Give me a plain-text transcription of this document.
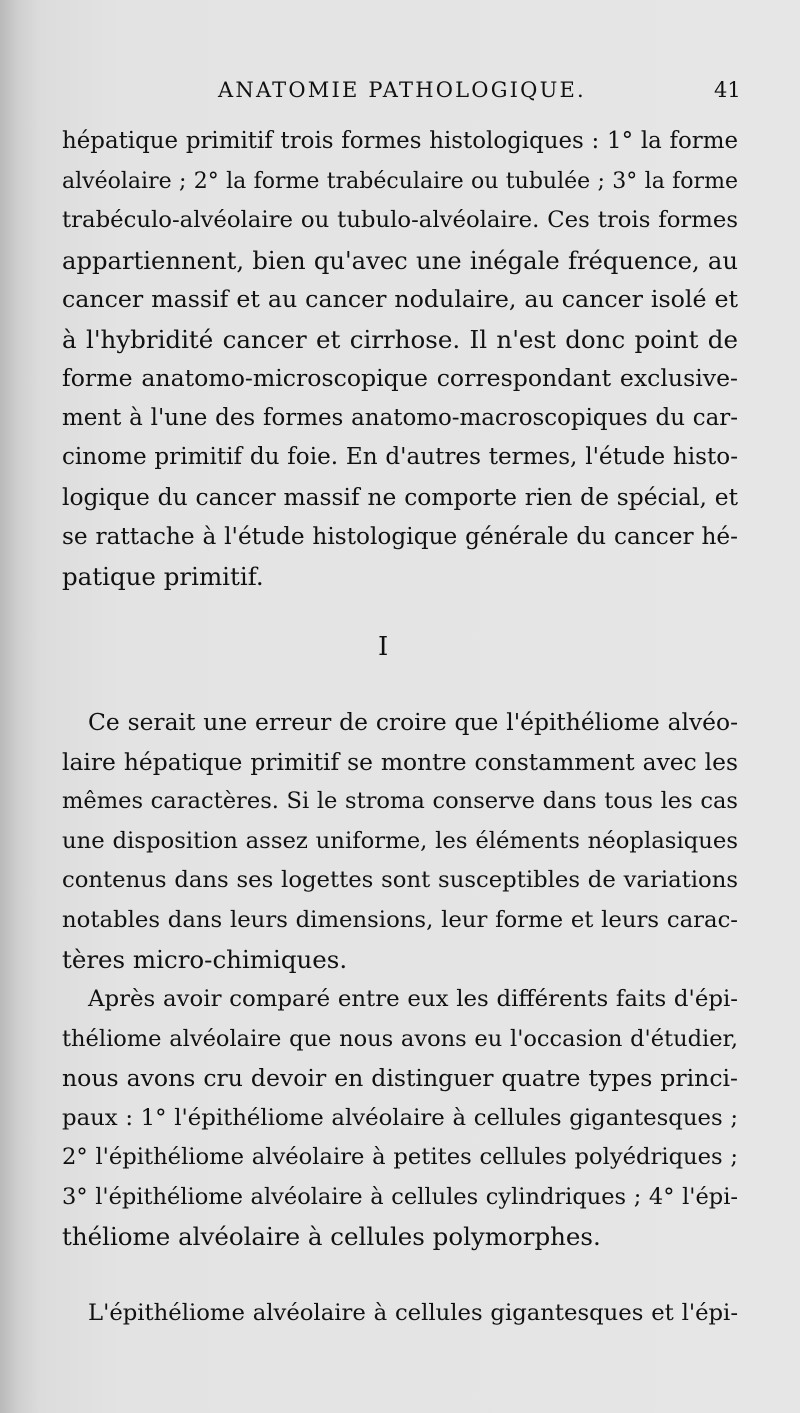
ANATOMIE PATHOLOGIQUE.	41
hépatique primitif trois formes histologiques : 1° la forme
alvéolaire ; 2° la forme trabéculaire ou tubulée ; 3° la forme
trabéculo-alvéolaire ou tubulo-alvéolaire. Ces trois formes
appartiennent, bien qu'avec une inégale fréquence, au
cancer massif et au cancer nodulaire, au cancer isolé et
à l'hybridité cancer et cirrhose. Il n'est donc point de
forme anatomo-microscopique correspondant exclusive-
ment à l'une des formes anatomo-macroscopiques du car-
cinome primitif du foie. En d'autres termes, l'étude histo-
logique du cancer massif ne comporte rien de spécial, et
se rattache à l'étude histologique générale du cancer hé-
patique primitif.
I
Ce serait une erreur de croire que l'épithéliome alvéo-
laire hépatique primitif se montre constamment avec les
mêmes caractères. Si le stroma conserve dans tous les cas
une disposition assez uniforme, les éléments néoplasiques
contenus dans ses logettes sont susceptibles de variations
notables dans leurs dimensions, leur forme et leurs carac-
tères micro-chimiques.
Après avoir comparé entre eux les différents faits d'épi-
théliome alvéolaire que nous avons eu l'occasion d'étudier,
nous avons cru devoir en distinguer quatre types princi-
paux : 1° l'épithéliome alvéolaire à cellules gigantesques ;
2° l'épithéliome alvéolaire à petites cellules polyédriques ;
3° l'épithéliome alvéolaire à cellules cylindriques ; 4° l'épi-
théliome alvéolaire à cellules polymorphes.
L'épithéliome alvéolaire à cellules gigantesques et l'épi-
